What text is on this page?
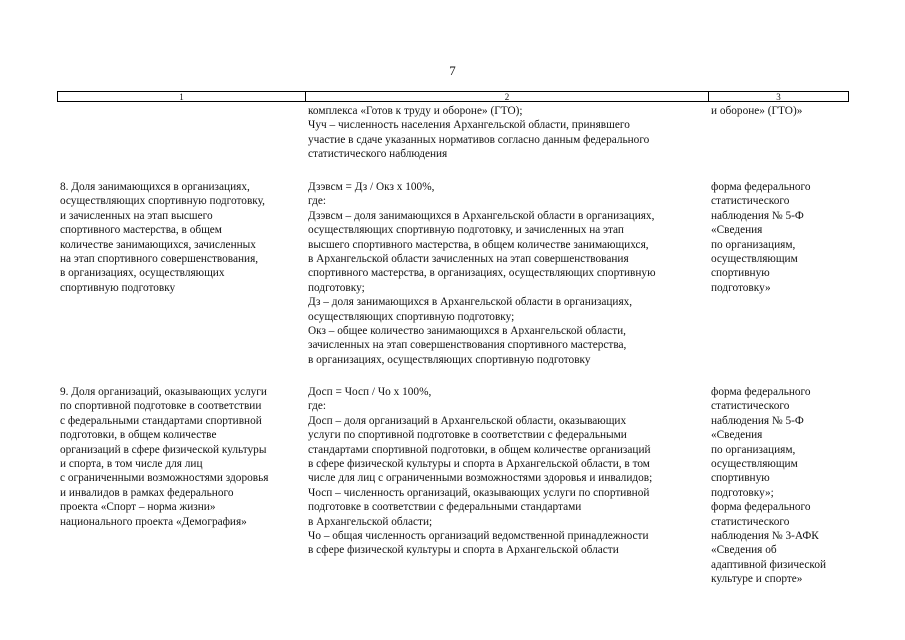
7
1	2	3
комплекса «Готов к труду и обороне» (ГТО);
Чуч – численность населения Архангельской области, принявшего
участие в сдаче указанных нормативов согласно данным федерального
статистического наблюдения
и обороне» (ГТО)»
8. Доля занимающихся в организациях,
осуществляющих спортивную подготовку,
и зачисленных на этап высшего
спортивного мастерства, в общем
количестве занимающихся, зачисленных
на этап спортивного совершенствования,
в организациях, осуществляющих
спортивную подготовку
Дзэвсм = Дз / Окз x 100%,
где:
Дзэвсм – доля занимающихся в Архангельской области в организациях,
осуществляющих спортивную подготовку, и зачисленных на этап
высшего спортивного мастерства, в общем количестве занимающихся,
в Архангельской области зачисленных на этап совершенствования
спортивного мастерства, в организациях, осуществляющих спортивную
подготовку;
Дз – доля занимающихся в Архангельской области в организациях,
осуществляющих спортивную подготовку;
Окз – общее количество занимающихся в Архангельской области,
зачисленных на этап совершенствования спортивного мастерства,
в организациях, осуществляющих спортивную подготовку
форма федерального
статистического
наблюдения № 5-Ф
«Сведения
по организациям,
осуществляющим
спортивную
подготовку»
9. Доля организаций, оказывающих услуги
по спортивной подготовке в соответствии
с федеральными стандартами спортивной
подготовки, в общем количестве
организаций в сфере физической культуры
и спорта, в том числе для лиц
с ограниченными возможностями здоровья
и инвалидов в рамках федерального
проекта «Спорт – норма жизни»
национального проекта «Демография»
Досп = Чосп / Чо x 100%,
где:
Досп – доля организаций в Архангельской области, оказывающих
услуги по спортивной подготовке в соответствии с федеральными
стандартами спортивной подготовки, в общем количестве организаций
в сфере физической культуры и спорта в Архангельской области, в том
числе для лиц с ограниченными возможностями здоровья и инвалидов;
Чосп – численность организаций, оказывающих услуги по спортивной
подготовке в соответствии с федеральными стандартами
в Архангельской области;
Чо – общая численность организаций ведомственной принадлежности
в сфере физической культуры и спорта в Архангельской области
форма федерального
статистического
наблюдения № 5-Ф
«Сведения
по организациям,
осуществляющим
спортивную
подготовку»;
форма федерального
статистического
наблюдения № 3-АФК
«Сведения об
адаптивной физической
культуре и спорте»
